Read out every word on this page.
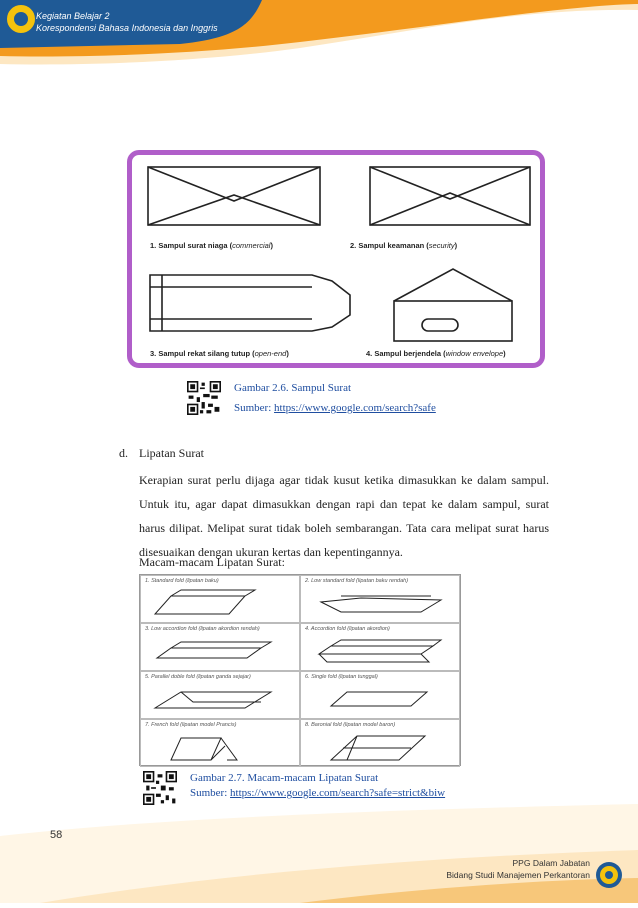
Kegiatan Belajar 2
Korespondensi Bahasa Indonesia dan Inggris
1. Sampul surat niaga (commercial)	2. Sampul keamanan (security)
3. Sampul rekat silang tutup (open-end)	4. Sampul berjendela (window envelope)
Gambar 2.6. Sampul Surat
Sumber: https://www.google.com/search?safe
d. Lipatan Surat
Kerapian surat perlu dijaga agar tidak kusut ketika dimasukkan ke dalam sampul. Untuk itu, agar dapat dimasukkan dengan rapi dan tepat ke dalam sampul, surat harus dilipat. Melipat surat tidak boleh sembarangan. Tata cara melipat surat harus disesuaikan dengan ukuran kertas dan kepentingannya.
Macam-macam Lipatan Surat:
1. Standard fold (lipatan baku)	2. Low standard fold (lipatan baku rendah)
3. Low accordion fold (lipatan akordion rendah)	4. Accordion fold (lipatan akordion)
5. Parallel doble fold (lipatan ganda sejajar)	6. Single fold (lipatan tunggal)
7. French fold (lipatan model Prancis)	8. Baronial fold (lipatan model baron)
Gambar 2.7. Macam-macam Lipatan Surat
Sumber: https://www.google.com/search?safe=strict&biw
58
PPG Dalam Jabatan
Bidang Studi Manajemen Perkantoran
